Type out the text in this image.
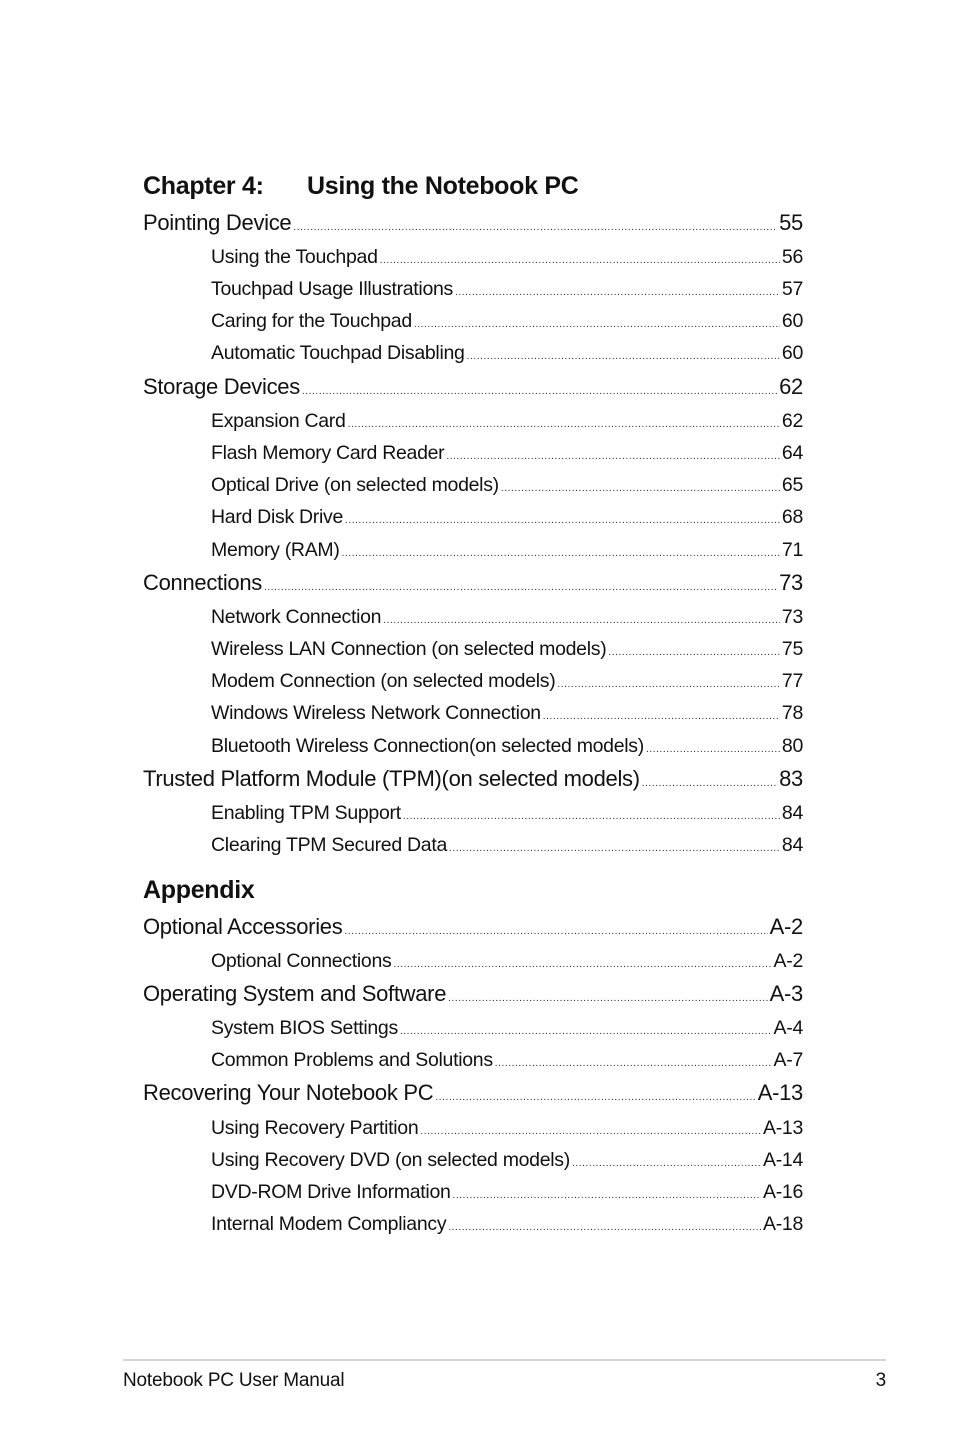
Chapter 4: Using the Notebook PC
Pointing Device .....	55
Using the Touchpad .....	56
Touchpad Usage Illustrations .....	57
Caring for the Touchpad .....	60
Automatic Touchpad Disabling .....	60
Storage Devices .....	62
Expansion Card .....	62
Flash Memory Card Reader .....	64
Optical Drive (on selected models) .....	65
Hard Disk Drive .....	68
Memory (RAM) .....	71
Connections .....	73
Network Connection .....	73
Wireless LAN Connection (on selected models) .....	75
Modem Connection (on selected models) .....	77
Windows Wireless Network Connection .....	78
Bluetooth Wireless Connection(on selected models) .....	80
Trusted Platform Module (TPM)(on selected models) .....	83
Enabling TPM Support .....	84
Clearing TPM Secured Data .....	84
Appendix
Optional Accessories .....	A-2
Optional Connections .....	A-2
Operating System and Software .....	A-3
System BIOS Settings .....	A-4
Common Problems and Solutions .....	A-7
Recovering Your Notebook PC .....	A-13
Using Recovery Partition .....	A-13
Using Recovery DVD (on selected models) .....	A-14
DVD-ROM Drive Information .....	A-16
Internal Modem Compliancy .....	A-18
Notebook PC User Manual	3
